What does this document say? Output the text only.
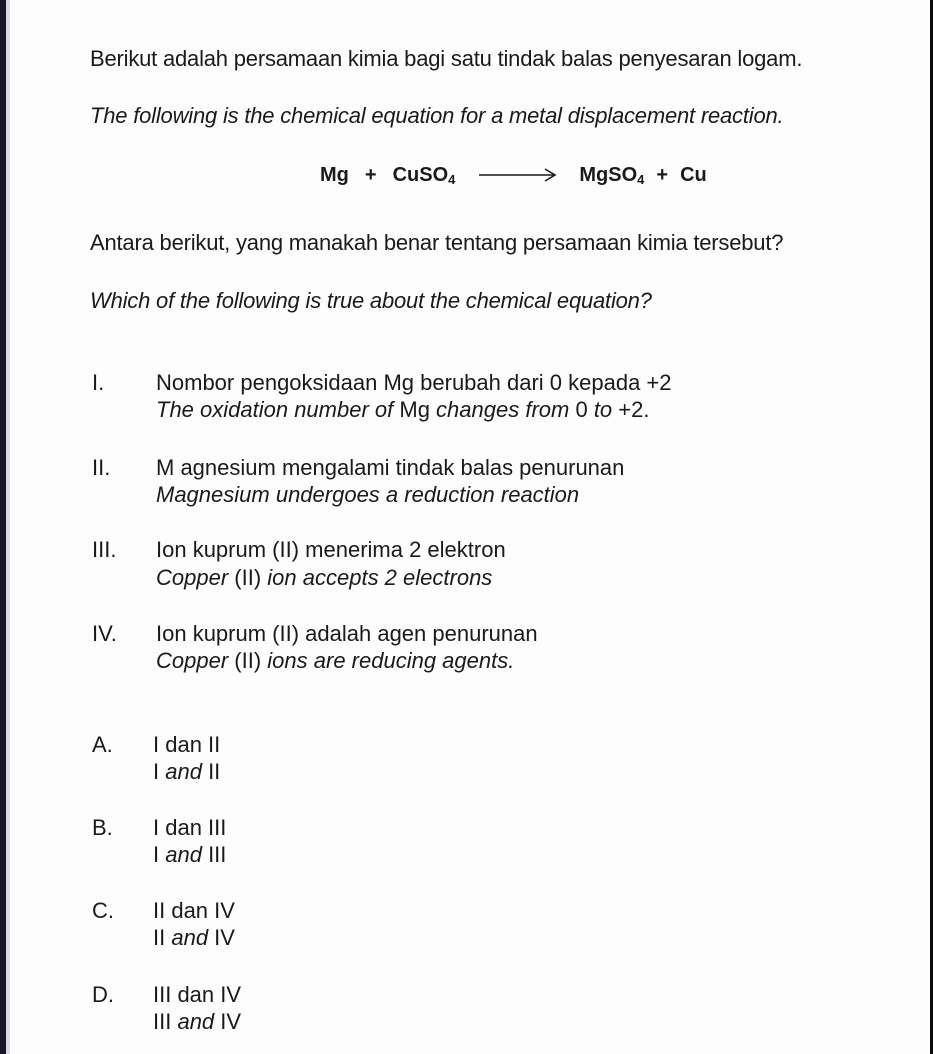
Berikut adalah persamaan kimia bagi satu tindak balas penyesaran logam.
The following is the chemical equation for a metal displacement reaction.
Mg + CuSO$_4$ → MgSO$_4$ + Cu
Antara berikut, yang manakah benar tentang persamaan kimia tersebut?
Which of the following is true about the chemical equation?
I. Nombor pengoksidaan Mg berubah dari 0 kepada +2
The oxidation number of Mg changes from 0 to +2.
II. M agnesium mengalami tindak balas penurunan
Magnesium undergoes a reduction reaction
III. Ion kuprum (II) menerima 2 elektron
Copper (II) ion accepts 2 electrons
IV. Ion kuprum (II) adalah agen penurunan
Copper (II) ions are reducing agents.
A. I dan II
I and II
B. I dan III
I and III
C. II dan IV
II and IV
D. III dan IV
III and IV
